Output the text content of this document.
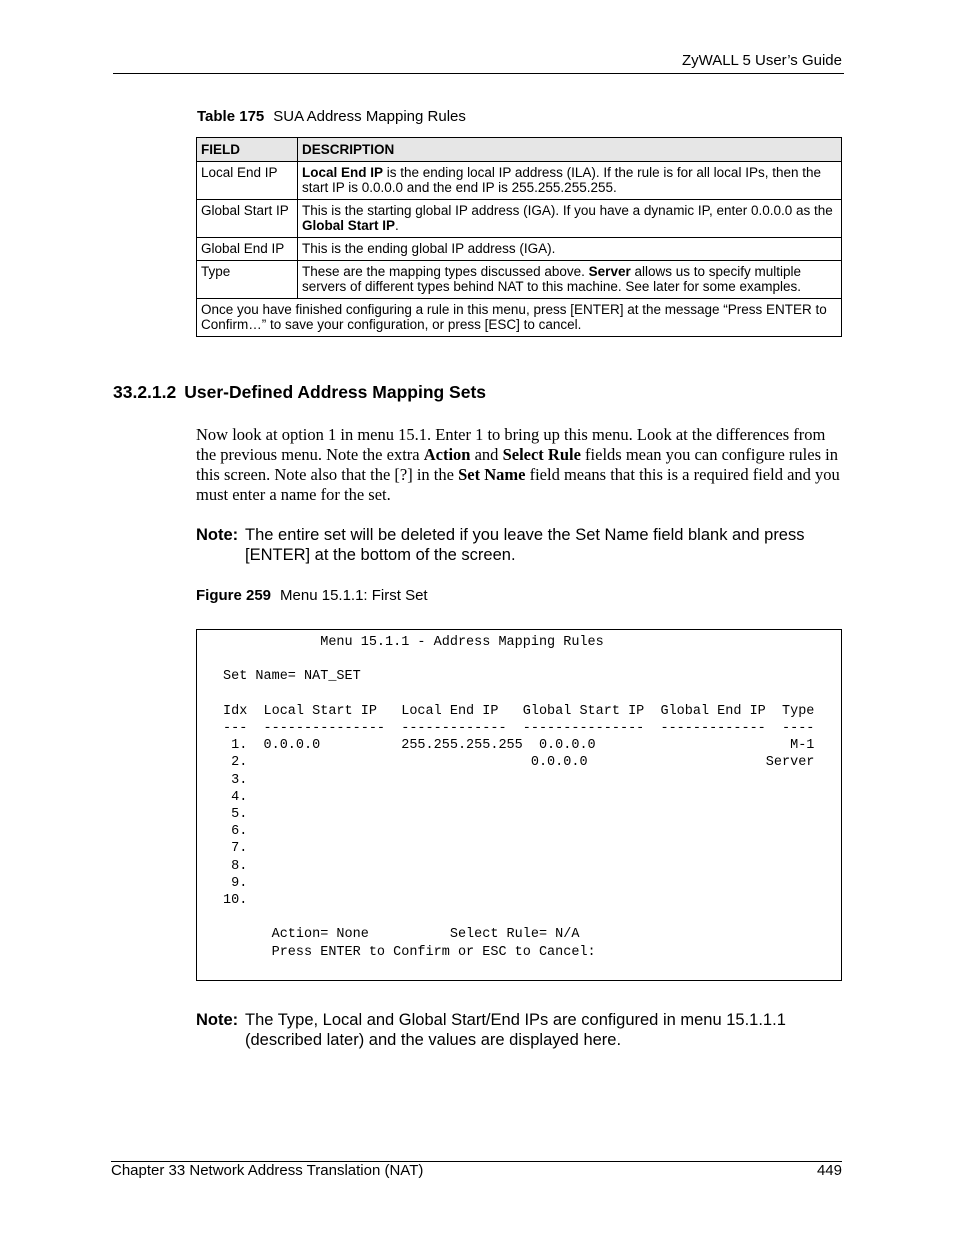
ZyWALL 5 User’s Guide
Table 175 SUA Address Mapping Rules
FIELD	DESCRIPTION
Local End IP	Local End IP is the ending local IP address (ILA). If the rule is for all local IPs, then the start IP is 0.0.0.0 and the end IP is 255.255.255.255.
Global Start IP	This is the starting global IP address (IGA). If you have a dynamic IP, enter 0.0.0.0 as the Global Start IP.
Global End IP	This is the ending global IP address (IGA).
Type	These are the mapping types discussed above. Server allows us to specify multiple servers of different types behind NAT to this machine. See later for some examples.
Once you have finished configuring a rule in this menu, press [ENTER] at the message “Press ENTER to Confirm…” to save your configuration, or press [ESC] to cancel.	
33.2.1.2 User-Defined Address Mapping Sets
Now look at option 1 in menu 15.1. Enter 1 to bring up this menu. Look at the differences from the previous menu. Note the extra Action and Select Rule fields mean you can configure rules in this screen. Note also that the [?] in the Set Name field means that this is a required field and you must enter a name for the set.
Note: The entire set will be deleted if you leave the Set Name field blank and press [ENTER] at the bottom of the screen.
Figure 259 Menu 15.1.1: First Set
Menu 15.1.1 - Address Mapping Rules

Set Name= NAT_SET

Idx  Local Start IP   Local End IP   Global Start IP  Global End IP  Type
---  ---------------  -------------  ---------------  -------------  ----
1.  0.0.0.0          255.255.255.255  0.0.0.0                        M-1
2.                                   0.0.0.0                      Server
3.
4.
5.
6.
7.
8.
9.
10.

Action= None          Select Rule= N/A
Press ENTER to Confirm or ESC to Cancel:
Note: The Type, Local and Global Start/End IPs are configured in menu 15.1.1.1 (described later) and the values are displayed here.
Chapter 33 Network Address Translation (NAT)	449
